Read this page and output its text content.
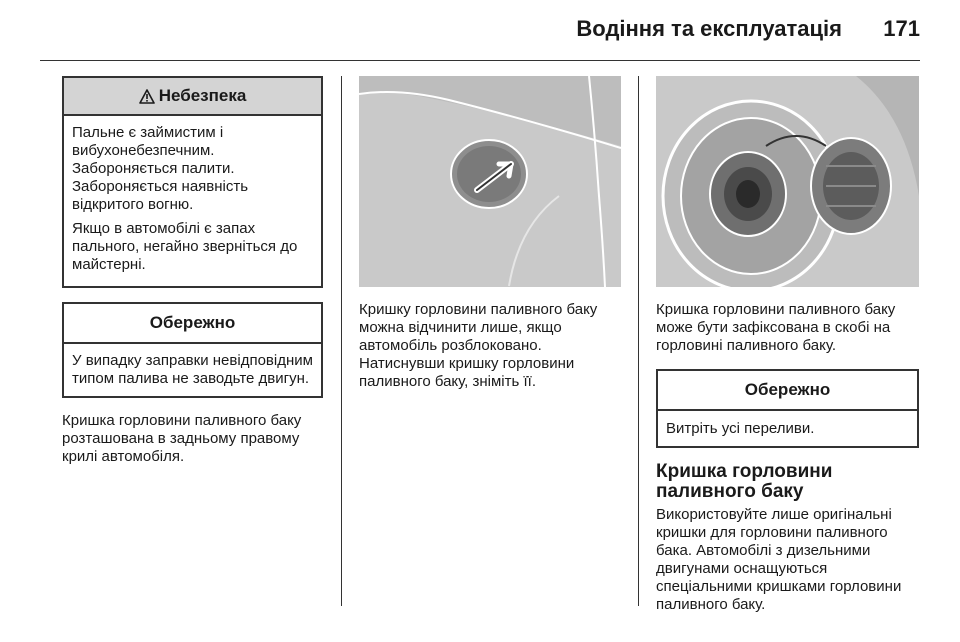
Водіння та експлуатація 171
Небезпека

Пальне є займистим і вибухонебезпечним. Забороняється палити. Забороняється наявність відкритого вогню.

Якщо в автомобілі є запах пального, негайно зверніться до майстерні.

Обережно

У випадку заправки невідповідним типом палива не заводьте двигун.

Кришка горловини паливного баку розташована в задньому правому крилі автомобіля.

Кришку горловини паливного баку можна відчинити лише, якщо автомобіль розблоковано. Натиснувши кришку горловини паливного баку, зніміть її.

Кришка горловини паливного баку може бути зафіксована в скобі на горловині паливного баку.

Обережно

Витріть усі переливи.

Кришка горловини паливного баку

Використовуйте лише оригінальні кришки для горловини паливного бака. Автомобілі з дизельними двигунами оснащуються спеціальними кришками горловини паливного баку.
